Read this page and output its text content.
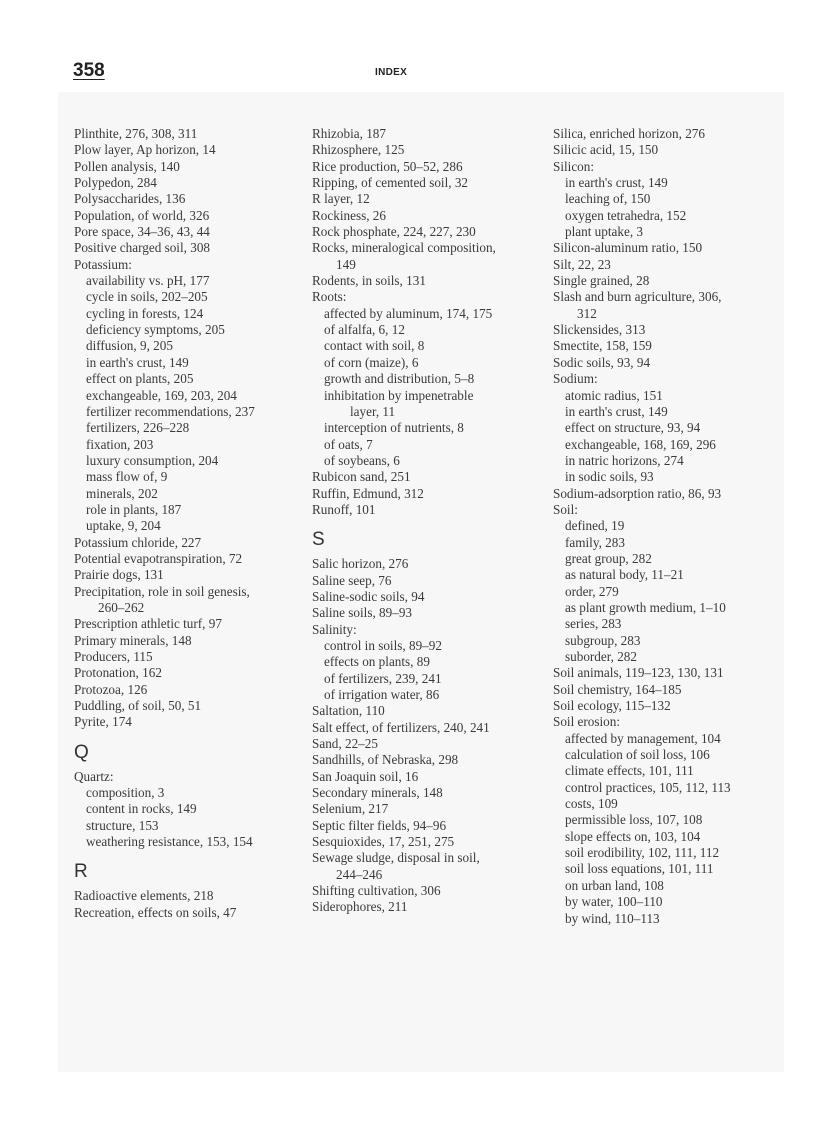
358	INDEX
Plinthite, 276, 308, 311
Plow layer, Ap horizon, 14
Pollen analysis, 140
Polypedon, 284
Polysaccharides, 136
Population, of world, 326
Pore space, 34–36, 43, 44
Positive charged soil, 308
Potassium:
availability vs. pH, 177
cycle in soils, 202–205
cycling in forests, 124
deficiency symptoms, 205
diffusion, 9, 205
in earth's crust, 149
effect on plants, 205
exchangeable, 169, 203, 204
fertilizer recommendations, 237
fertilizers, 226–228
fixation, 203
luxury consumption, 204
mass flow of, 9
minerals, 202
role in plants, 187
uptake, 9, 204
Potassium chloride, 227
Potential evapotranspiration, 72
Prairie dogs, 131
Precipitation, role in soil genesis,
260–262
Prescription athletic turf, 97
Primary minerals, 148
Producers, 115
Protonation, 162
Protozoa, 126
Puddling, of soil, 50, 51
Pyrite, 174
Q
Quartz:
composition, 3
content in rocks, 149
structure, 153
weathering resistance, 153, 154
R
Radioactive elements, 218
Recreation, effects on soils, 47
Rhizobia, 187
Rhizosphere, 125
Rice production, 50–52, 286
Ripping, of cemented soil, 32
R layer, 12
Rockiness, 26
Rock phosphate, 224, 227, 230
Rocks, mineralogical composition,
149
Rodents, in soils, 131
Roots:
affected by aluminum, 174, 175
of alfalfa, 6, 12
contact with soil, 8
of corn (maize), 6
growth and distribution, 5–8
inhibitation by impenetrable
layer, 11
interception of nutrients, 8
of oats, 7
of soybeans, 6
Rubicon sand, 251
Ruffin, Edmund, 312
Runoff, 101
S
Salic horizon, 276
Saline seep, 76
Saline-sodic soils, 94
Saline soils, 89–93
Salinity:
control in soils, 89–92
effects on plants, 89
of fertilizers, 239, 241
of irrigation water, 86
Saltation, 110
Salt effect, of fertilizers, 240, 241
Sand, 22–25
Sandhills, of Nebraska, 298
San Joaquin soil, 16
Secondary minerals, 148
Selenium, 217
Septic filter fields, 94–96
Sesquioxides, 17, 251, 275
Sewage sludge, disposal in soil,
244–246
Shifting cultivation, 306
Siderophores, 211
Silica, enriched horizon, 276
Silicic acid, 15, 150
Silicon:
in earth's crust, 149
leaching of, 150
oxygen tetrahedra, 152
plant uptake, 3
Silicon-aluminum ratio, 150
Silt, 22, 23
Single grained, 28
Slash and burn agriculture, 306,
312
Slickensides, 313
Smectite, 158, 159
Sodic soils, 93, 94
Sodium:
atomic radius, 151
in earth's crust, 149
effect on structure, 93, 94
exchangeable, 168, 169, 296
in natric horizons, 274
in sodic soils, 93
Sodium-adsorption ratio, 86, 93
Soil:
defined, 19
family, 283
great group, 282
as natural body, 11–21
order, 279
as plant growth medium, 1–10
series, 283
subgroup, 283
suborder, 282
Soil animals, 119–123, 130, 131
Soil chemistry, 164–185
Soil ecology, 115–132
Soil erosion:
affected by management, 104
calculation of soil loss, 106
climate effects, 101, 111
control practices, 105, 112, 113
costs, 109
permissible loss, 107, 108
slope effects on, 103, 104
soil erodibility, 102, 111, 112
soil loss equations, 101, 111
on urban land, 108
by water, 100–110
by wind, 110–113
